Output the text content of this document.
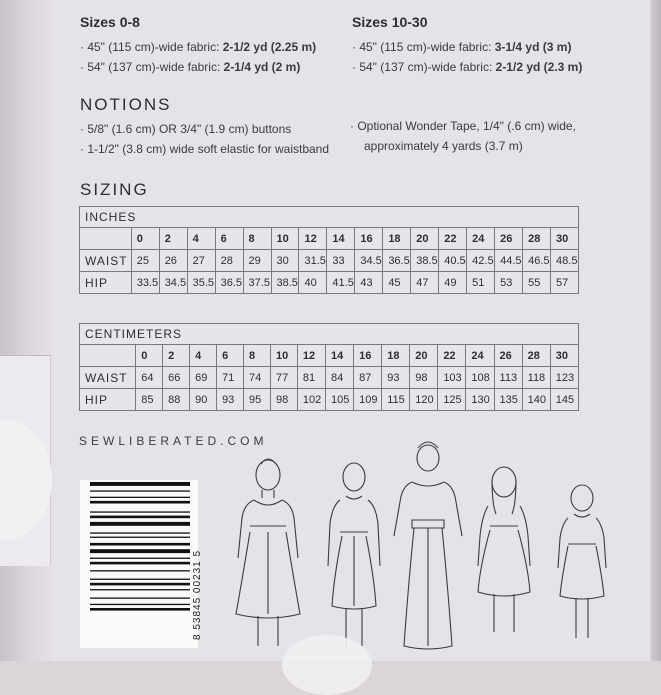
Sizes 0-8
· 45" (115 cm)-wide fabric: 2-1/2 yd (2.25 m)
· 54" (137 cm)-wide fabric: 2-1/4 yd (2 m)
Sizes 10-30
· 45" (115 cm)-wide fabric: 3-1/4 yd (3 m)
· 54" (137 cm)-wide fabric: 2-1/2 yd (2.3 m)
NOTIONS
· 5/8" (1.6 cm) OR 3/4" (1.9 cm) buttons
· 1-1/2" (3.8 cm) wide soft elastic for waistband
· Optional Wonder Tape, 1/4" (.6 cm) wide,
approximately 4 yards (3.7 m)
SIZING
INCHES																
	0	2	4	6	8	10	12	14	16	18	20	22	24	26	28	30
WAIST	25	26	27	28	29	30	31.5	33	34.5	36.5	38.5	40.5	42.5	44.5	46.5	48.5
HIP	33.5	34.5	35.5	36.5	37.5	38.5	40	41.5	43	45	47	49	51	53	55	57
CENTIMETERS																
	0	2	4	6	8	10	12	14	16	18	20	22	24	26	28	30
WAIST	64	66	69	71	74	77	81	84	87	93	98	103	108	113	118	123
HIP	85	88	90	93	95	98	102	105	109	115	120	125	130	135	140	145
SEWLIBERATED.COM
8 53845 00231 5
